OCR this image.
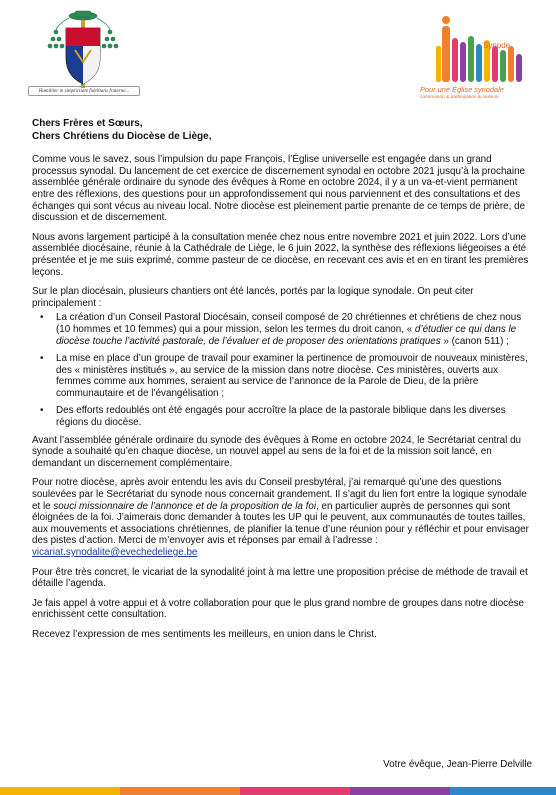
Humiliter in simplicitate fidelitatis fraterne...
Synode
Pour une Église synodale
communion & participation & mission
Chers Frères et Sœurs,
Chers Chrétiens du Diocèse de Liège,

Comme vous le savez, sous l’impulsion du pape François, l’Église universelle est engagée dans un grand processus synodal. Du lancement de cet exercice de discernement synodal en octobre 2021 jusqu’à la prochaine assemblée générale ordinaire du synode des évêques à Rome en octobre 2024, il y a un va-et-vient permanent entre des réflexions, des questions pour un approfondissement qui nous parviennent et des consultations et des échanges qui sont vécus au niveau local. Notre diocèse est pleinement partie prenante de ce temps de prière, de discussion et de discernement.

Nous avons largement participé à la consultation menée chez nous entre novembre 2021 et juin 2022. Lors d’une assemblée diocésaine, réunie à la Cathédrale de Liège, le 6 juin 2022, la synthèse des réflexions liégeoises a été présentée et je me suis exprimé, comme pasteur de ce diocèse, en recevant ces avis et en en tirant les premières leçons.

Sur le plan diocésain, plusieurs chantiers ont été lancés, portés par la logique synodale. On peut citer principalement :

• La création d’un Conseil Pastoral Diocésain, conseil composé de 20 chrétiennes et chrétiens de chez nous (10 hommes et 10 femmes) qui a pour mission, selon les termes du droit canon, « d’étudier ce qui dans le diocèse touche l’activité pastorale, de l’évaluer et de proposer des orientations pratiques » (canon 511) ;
• La mise en place d’un groupe de travail pour examiner la pertinence de promouvoir de nouveaux ministères, des « ministères institués », au service de la mission dans notre diocèse. Ces ministères, ouverts aux femmes comme aux hommes, seraient au service de l’annonce de la Parole de Dieu, de la prière communautaire et de l’évangélisation ;
• Des efforts redoublés ont été engagés pour accroître la place de la pastorale biblique dans les diverses régions du diocèse.

Avant l’assemblée générale ordinaire du synode des évêques à Rome en octobre 2024, le Secrétariat central du synode a souhaité qu’en chaque diocèse, un nouvel appel au sens de la foi et de la mission soit lancé, en demandant un discernement complémentaire.

Pour notre diocèse, après avoir entendu les avis du Conseil presbytéral, j’ai remarqué qu’une des questions soulevées par le Secrétariat du synode nous concernait grandement. Il s’agit du lien fort entre la logique synodale et le souci missionnaire de l’annonce et de la proposition de la foi, en particulier auprès de personnes qui sont éloignées de la foi. J’aimerais donc demander à toutes les UP qui le peuvent, aux communautés de toutes tailles, aux mouvements et associations chrétiennes, de planifier la tenue d’une réunion pour y réfléchir et pour envisager des pistes d’action. Merci de m’envoyer avis et réponses par email à l’adresse :
vicariat.synodalite@evechedeliege.be

Pour être très concret, le vicariat de la synodalité joint à ma lettre une proposition précise de méthode de travail et détaille l’agenda.

Je fais appel à votre appui et à votre collaboration pour que le plus grand nombre de groupes dans notre diocèse enrichissent cette consultation.

Recevez l’expression de mes sentiments les meilleurs, en union dans le Christ.

Votre évêque, Jean-Pierre Delville
